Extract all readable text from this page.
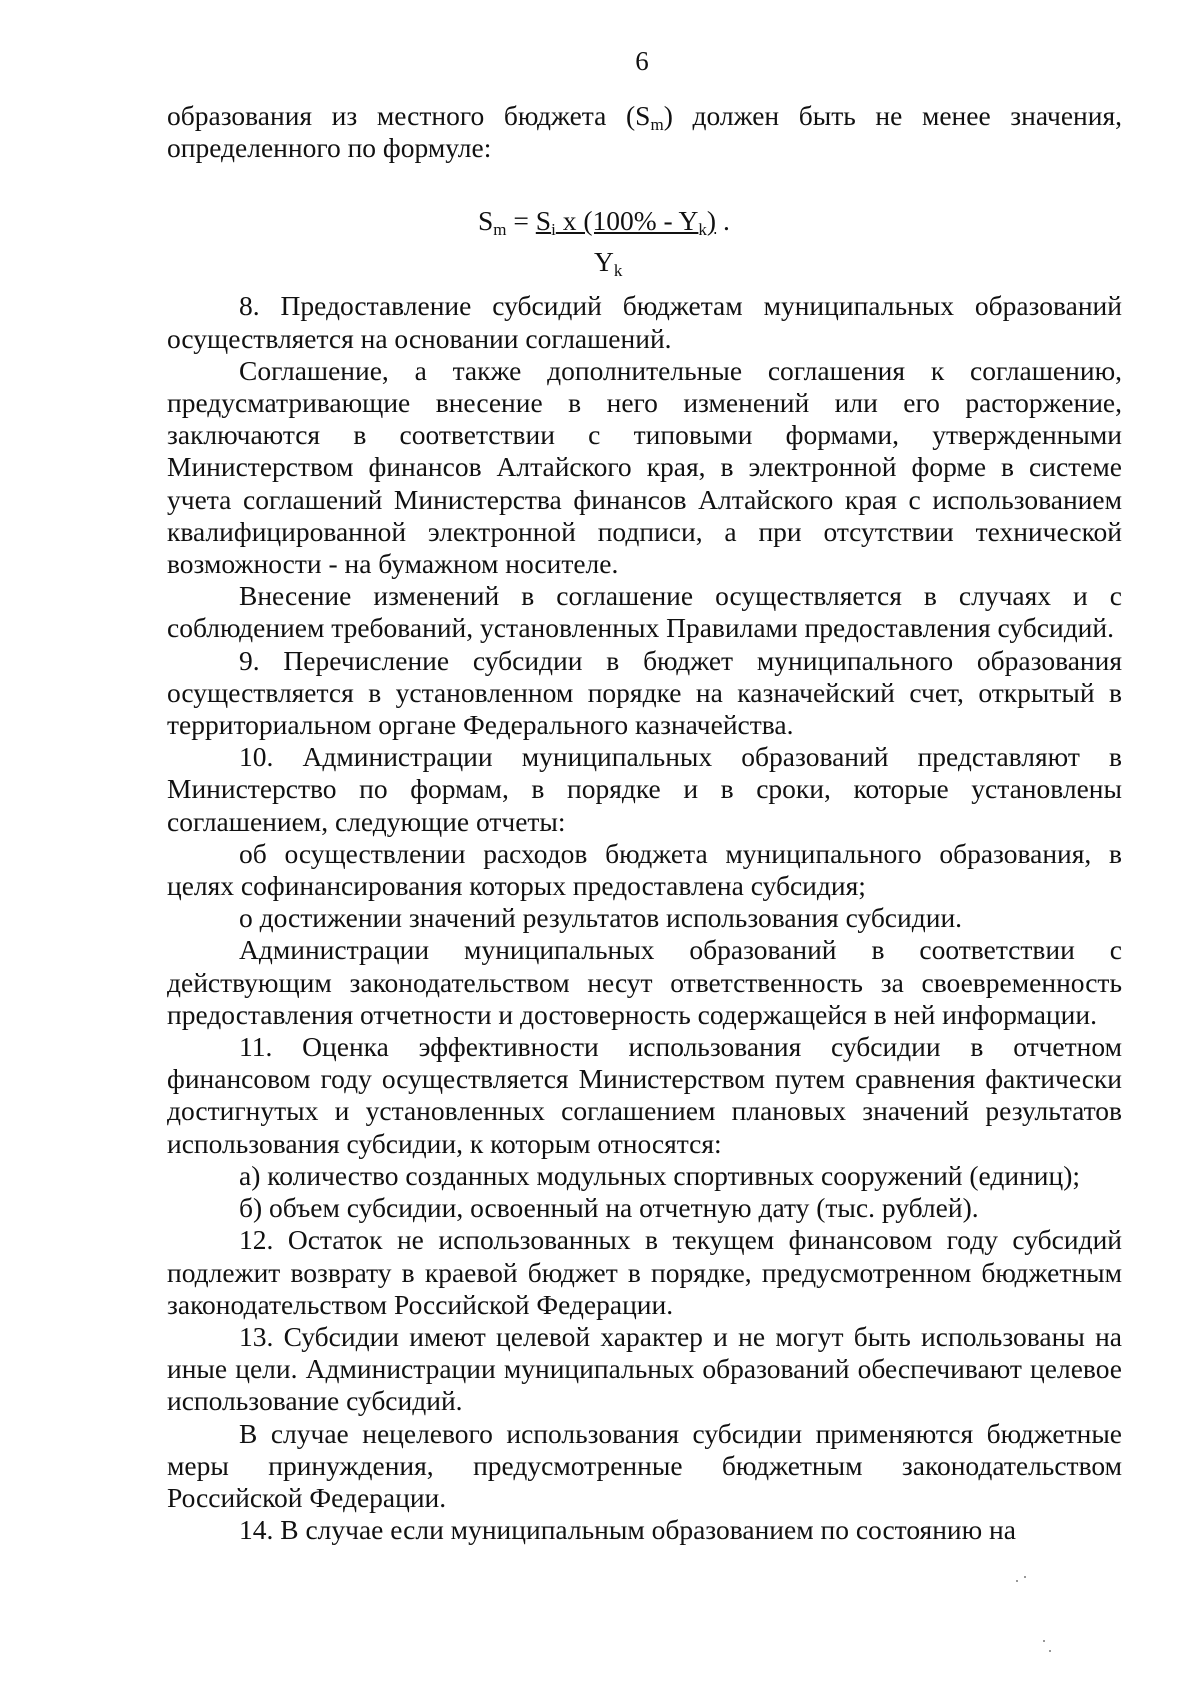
6

образования из местного бюджета $(S_m)$ должен быть не менее значения, определенного по формуле:

$S_m = S_i$ x $(100\% - Y_k)$ .
$Y_k$

8. Предоставление субсидий бюджетам муниципальных образований осуществляется на основании соглашений.

Соглашение, а также дополнительные соглашения к соглашению, предусматривающие внесение в него изменений или его расторжение, заключаются в соответствии с типовыми формами, утвержденными Министерством финансов Алтайского края, в электронной форме в системе учета соглашений Министерства финансов Алтайского края с использованием квалифицированной электронной подписи, а при отсутствии технической возможности - на бумажном носителе.

Внесение изменений в соглашение осуществляется в случаях и с соблюдением требований, установленных Правилами предоставления субсидий.

9. Перечисление субсидии в бюджет муниципального образования осуществляется в установленном порядке на казначейский счет, открытый в территориальном органе Федерального казначейства.

10. Администрации муниципальных образований представляют в Министерство по формам, в порядке и в сроки, которые установлены соглашением, следующие отчеты:

об осуществлении расходов бюджета муниципального образования, в целях софинансирования которых предоставлена субсидия;

о достижении значений результатов использования субсидии.

Администрации муниципальных образований в соответствии с действующим законодательством несут ответственность за своевременность предоставления отчетности и достоверность содержащейся в ней информации.

11. Оценка эффективности использования субсидии в отчетном финансовом году осуществляется Министерством путем сравнения фактически достигнутых и установленных соглашением плановых значений результатов использования субсидии, к которым относятся:

а) количество созданных модульных спортивных сооружений (единиц);

б) объем субсидии, освоенный на отчетную дату (тыс. рублей).

12. Остаток не использованных в текущем финансовом году субсидий подлежит возврату в краевой бюджет в порядке, предусмотренном бюджетным законодательством Российской Федерации.

13. Субсидии имеют целевой характер и не могут быть использованы на иные цели. Администрации муниципальных образований обеспечивают целевое использование субсидий.

В случае нецелевого использования субсидии применяются бюджетные меры принуждения, предусмотренные бюджетным законодательством Российской Федерации.

14. В случае если муниципальным образованием по состоянию на
